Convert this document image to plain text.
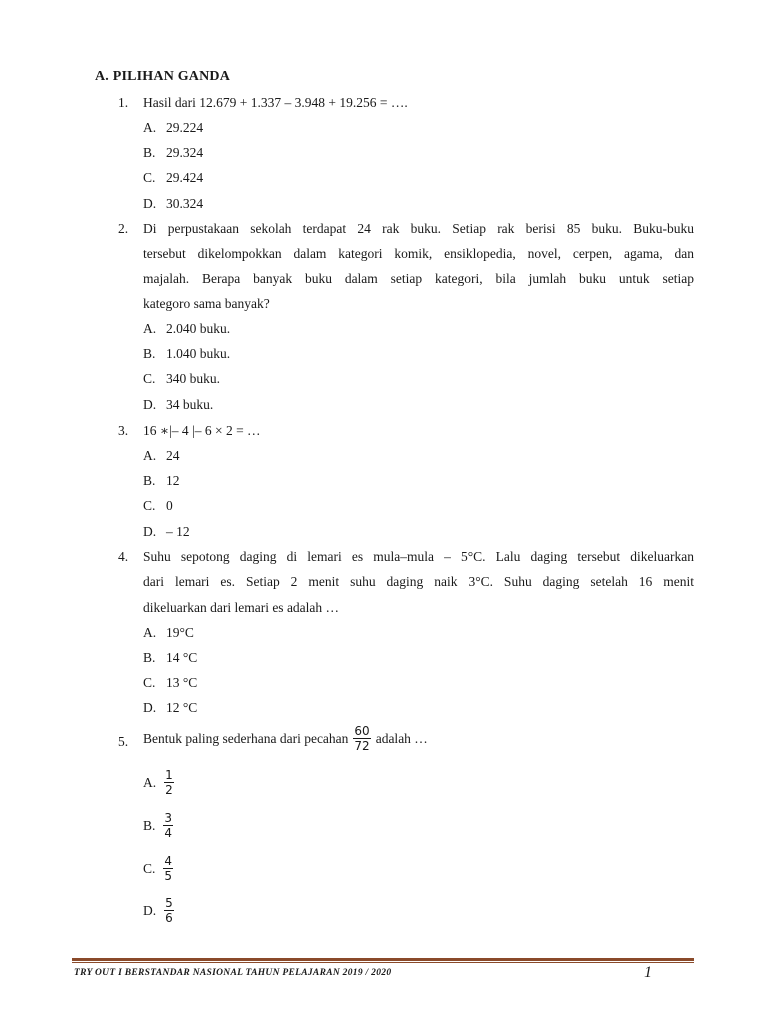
A. PILIHAN GANDA
1. Hasil dari 12.679 + 1.337 – 3.948 + 19.256 = ….
A. 29.224
B. 29.324
C. 29.424
D. 30.324
2. Di perpustakaan sekolah terdapat 24 rak buku. Setiap rak berisi 85 buku. Buku-buku
tersebut dikelompokkan dalam kategori komik, ensiklopedia, novel, cerpen, agama, dan
majalah. Berapa banyak buku dalam setiap kategori, bila jumlah buku untuk setiap
kategoro sama banyak?
A. 2.040 buku.
B. 1.040 buku.
C. 340 buku.
D. 34 buku.
3. 16 ∗|– 4 |– 6 × 2 = …
A. 24
B. 12
C. 0
D. – 12
4. Suhu sepotong daging di lemari es mula–mula – 5°C. Lalu daging tersebut dikeluarkan
dari lemari es. Setiap 2 menit suhu daging naik 3°C. Suhu daging setelah 16 menit
dikeluarkan dari lemari es adalah …
A. 19°C
B. 14 °C
C. 13 °C
D. 12 °C
5. Bentuk paling sederhana dari pecahan $\frac{60}{72}$ adalah …
A. $\frac{1}{2}$
B. $\frac{3}{4}$
C. $\frac{4}{5}$
D. $\frac{5}{6}$
TRY OUT I BERSTANDAR NASIONAL TAHUN PELAJARAN 2019 / 2020	1
